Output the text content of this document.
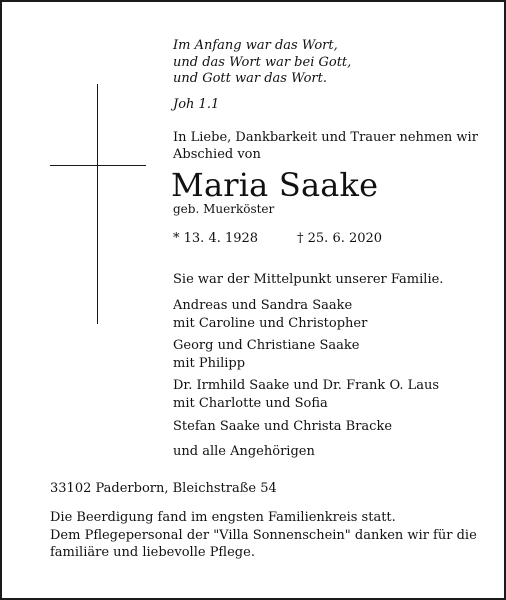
Im Anfang war das Wort,
und das Wort war bei Gott,
und Gott war das Wort.
Joh 1.1
In Liebe, Dankbarkeit und Trauer nehmen wir
Abschied von
Maria Saake
geb. Muerköster
* 13. 4. 1928	† 25. 6. 2020
Sie war der Mittelpunkt unserer Familie.
Andreas und Sandra Saake
mit Caroline und Christopher
Georg und Christiane Saake
mit Philipp
Dr. Irmhild Saake und Dr. Frank O. Laus
mit Charlotte und Sofia
Stefan Saake und Christa Bracke
und alle Angehörigen
33102 Paderborn, Bleichstraße 54
Die Beerdigung fand im engsten Familienkreis statt.
Dem Pflegepersonal der "Villa Sonnenschein" danken wir für die
familiäre und liebevolle Pflege.
